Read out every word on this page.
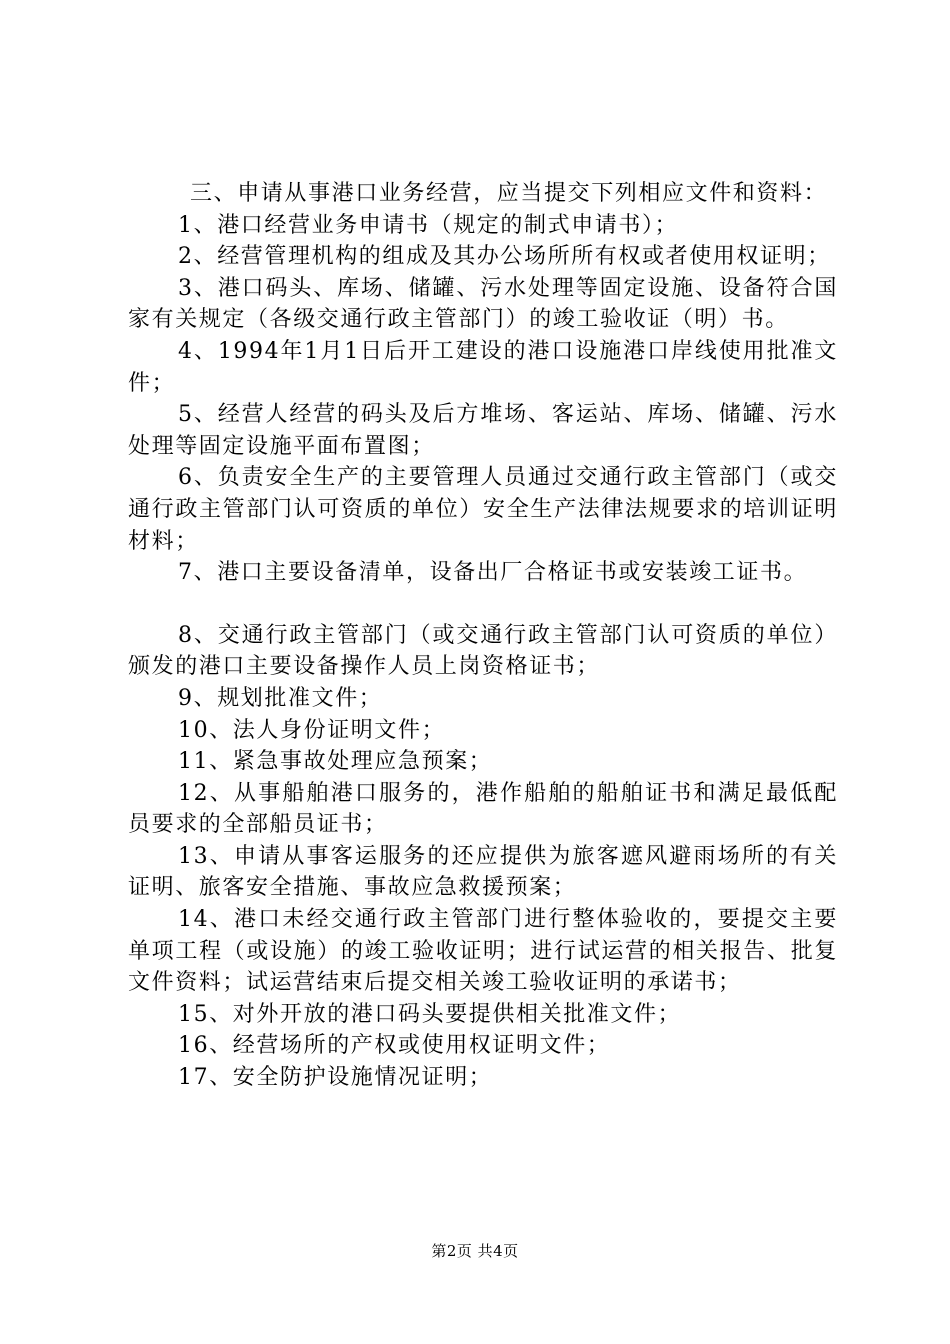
三、申请从事港口业务经营，应当提交下列相应文件和资料：

1、港口经营业务申请书（规定的制式申请书）；

2、经营管理机构的组成及其办公场所所有权或者使用权证明；

3、港口码头、库场、储罐、污水处理等固定设施、设备符合国家有关规定（各级交通行政主管部门）的竣工验收证（明）书。

4、1994年1月1日后开工建设的港口设施港口岸线使用批准文件；

5、经营人经营的码头及后方堆场、客运站、库场、储罐、污水处理等固定设施平面布置图；

6、负责安全生产的主要管理人员通过交通行政主管部门（或交通行政主管部门认可资质的单位）安全生产法律法规要求的培训证明材料；

7、港口主要设备清单，设备出厂合格证书或安装竣工证书。

8、交通行政主管部门（或交通行政主管部门认可资质的单位）颁发的港口主要设备操作人员上岗资格证书；

9、规划批准文件；

10、法人身份证明文件；

11、紧急事故处理应急预案；

12、从事船舶港口服务的，港作船舶的船舶证书和满足最低配员要求的全部船员证书；

13、申请从事客运服务的还应提供为旅客遮风避雨场所的有关证明、旅客安全措施、事故应急救援预案；

14、港口未经交通行政主管部门进行整体验收的，要提交主要单项工程（或设施）的竣工验收证明；进行试运营的相关报告、批复文件资料；试运营结束后提交相关竣工验收证明的承诺书；

15、对外开放的港口码头要提供相关批准文件；

16、经营场所的产权或使用权证明文件；

17、安全防护设施情况证明；

第2页 共4页
